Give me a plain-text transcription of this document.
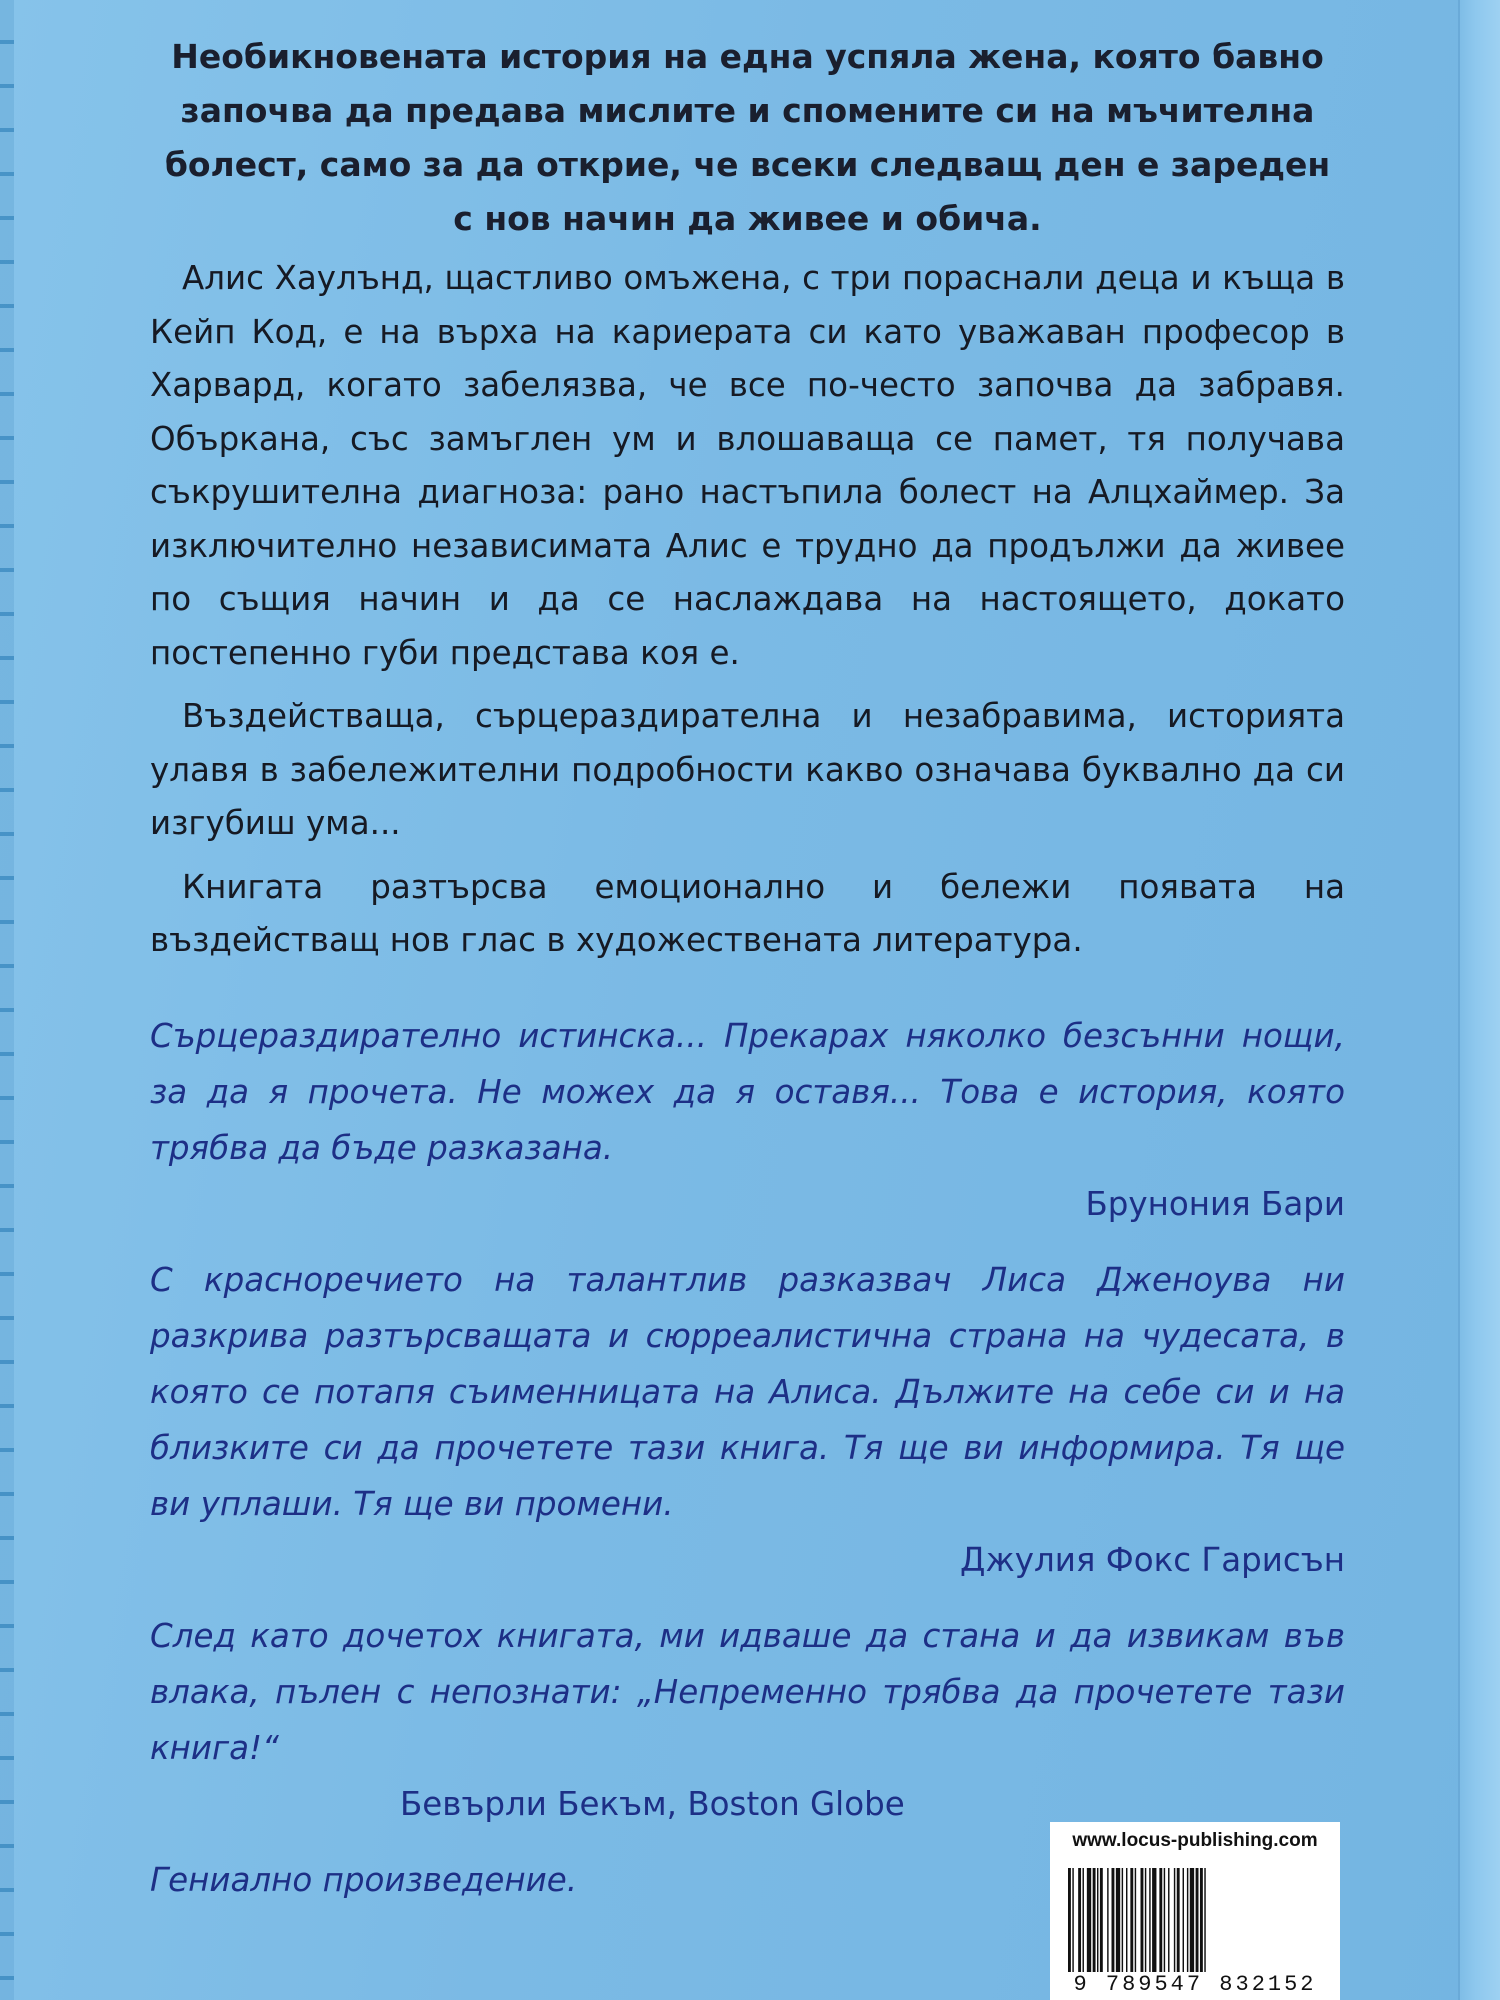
Необикновената история на една успяла жена, която бавно започва да предава мислите и спомените си на мъчителна болест, само за да открие, че всеки следващ ден е зареден с нов начин да живее и обича.

Алис Хаулънд, щастливо омъжена, с три пораснали деца и къща в Кейп Код, е на върха на кариерата си като уважаван професор в Харвард, когато забелязва, че все по-често започва да забравя. Объркана, със замъглен ум и влошаваща се памет, тя получава съкрушителна диагноза: рано настъпила болест на Алцхаймер. За изключително независимата Алис е трудно да продължи да живее по същия начин и да се наслаждава на настоящето, докато постепенно губи представа коя е.

Въздействаща, сърцераздирателна и незабравима, историята улавя в забележителни подробности какво означава буквално да си изгубиш ума...

Книгата разтърсва емоционално и бележи появата на въздействащ нов глас в художествената литература.

Сърцераздирателно истинска... Прекарах няколко безсънни нощи, за да я прочета. Не можех да я оставя... Това е история, която трябва да бъде разказана.

Брунония Бари

С красноречието на талантлив разказвач Лиса Дженоува ни разкрива разтърсващата и сюрреалистична страна на чудесата, в която се потапя съименницата на Алиса. Дължите на себе си и на близките си да прочетете тази книга. Тя ще ви информира. Тя ще ви уплаши. Тя ще ви промени.

Джулия Фокс Гарисън

След като дочетох книгата, ми идваше да стана и да извикам във влака, пълен с непознати: „Непременно трябва да прочетете тази книга!“

Бевърли Бекъм, Boston Globe

Гениално произведение.

www.locus-publishing.com
9 789547 832152
